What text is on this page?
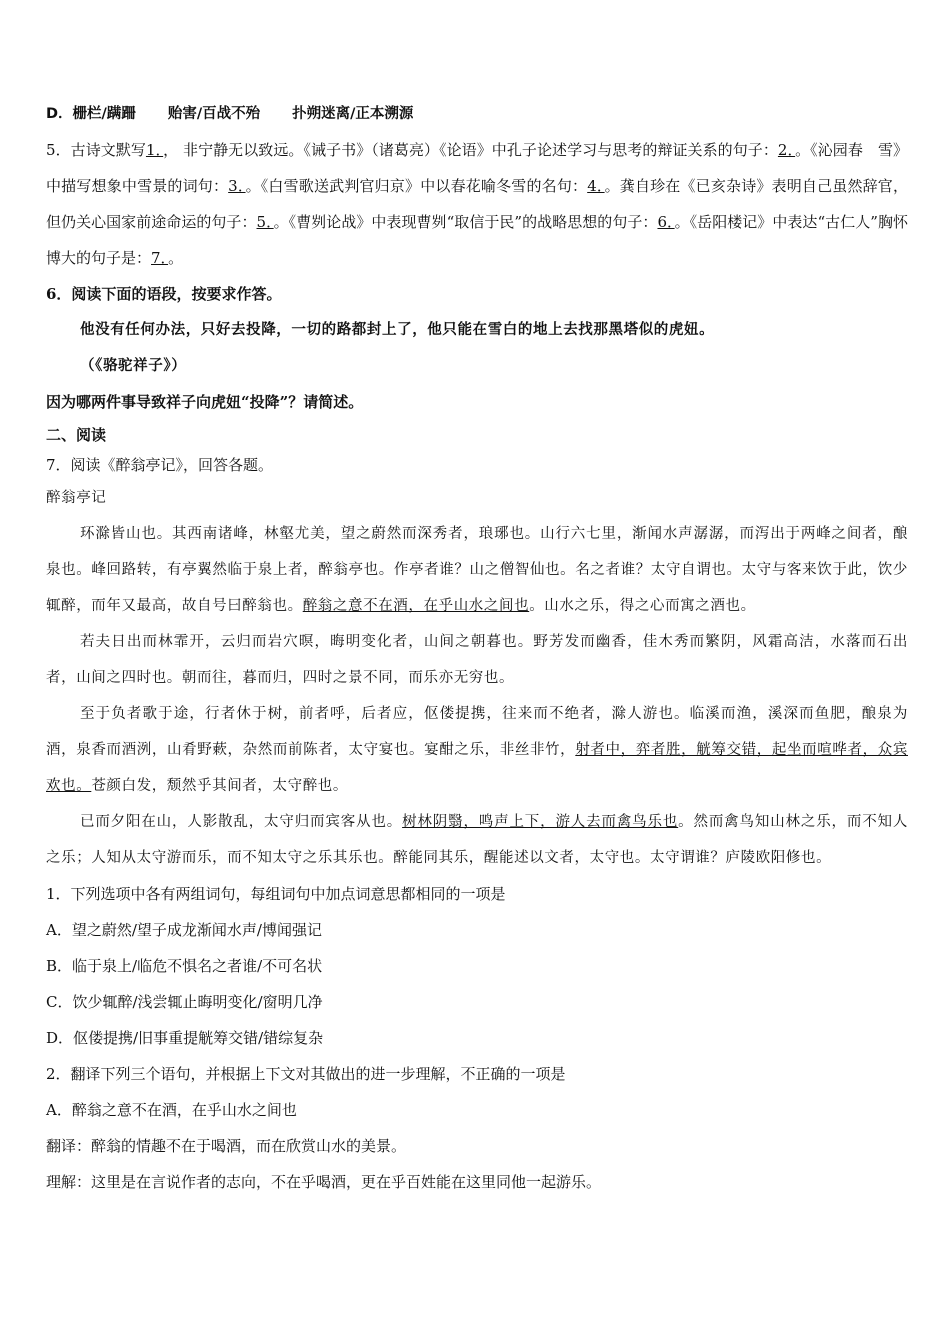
D．栅栏/蹒跚 贻害/百战不殆 扑朔迷离/正本溯源
5．古诗文默写1．， 非宁静无以致远。《诫子书》（诸葛亮）《论语》中孔子论述学习与思考的辩证关系的句子：2．。《沁园春　雪》中描写想象中雪景的词句：3．。《白雪歌送武判官归京》中以春花喻冬雪的名句：4．。龚自珍在《已亥杂诗》表明自己虽然辞官，但仍关心国家前途命运的句子：5．。《曹刿论战》中表现曹刿“取信于民”的战略思想的句子：6．。《岳阳楼记》中表达“古仁人”胸怀博大的句子是：7．。
6．阅读下面的语段，按要求作答。
他没有任何办法，只好去投降，一切的路都封上了，他只能在雪白的地上去找那黑塔似的虎妞。
（《骆驼祥子》）
因为哪两件事导致祥子向虎妞“投降”？请简述。
二、阅读
7．阅读《醉翁亭记》，回答各题。
醉翁亭记
环滁皆山也。其西南诸峰，林壑尤美，望之蔚然而深秀者，琅琊也。山行六七里，渐闻水声潺潺，而泻出于两峰之间者，酿泉也。峰回路转，有亭翼然临于泉上者，醉翁亭也。作亭者谁？山之僧智仙也。名之者谁？太守自谓也。太守与客来饮于此，饮少辄醉，而年又最高，故自号曰醉翁也。醉翁之意不在酒，在乎山水之间也。山水之乐，得之心而寓之酒也。
若夫日出而林霏开，云归而岩穴暝，晦明变化者，山间之朝暮也。野芳发而幽香，佳木秀而繁阴，风霜高洁，水落而石出者，山间之四时也。朝而往，暮而归，四时之景不同，而乐亦无穷也。
至于负者歌于途，行者休于树，前者呼，后者应，伛偻提携，往来而不绝者，滁人游也。临溪而渔，溪深而鱼肥，酿泉为酒，泉香而酒洌，山肴野蔌，杂然而前陈者，太守宴也。宴酣之乐，非丝非竹，射者中，弈者胜，觥筹交错，起坐而喧哗者，众宾欢也。苍颜白发，颓然乎其间者，太守醉也。
已而夕阳在山，人影散乱，太守归而宾客从也。树林阴翳，鸣声上下，游人去而禽鸟乐也。然而禽鸟知山林之乐，而不知人之乐；人知从太守游而乐，而不知太守之乐其乐也。醉能同其乐，醒能述以文者，太守也。太守谓谁？庐陵欧阳修也。
1．下列选项中各有两组词句，每组词句中加点词意思都相同的一项是
A．望之蔚然/望子成龙渐闻水声/博闻强记
B．临于泉上/临危不惧名之者谁/不可名状
C．饮少辄醉/浅尝辄止晦明变化/窗明几净
D．伛偻提携/旧事重提觥筹交错/错综复杂
2．翻译下列三个语句，并根据上下文对其做出的进一步理解，不正确的一项是
A．醉翁之意不在酒，在乎山水之间也
翻译：醉翁的情趣不在于喝酒，而在欣赏山水的美景。
理解：这里是在言说作者的志向，不在乎喝酒，更在乎百姓能在这里同他一起游乐。
